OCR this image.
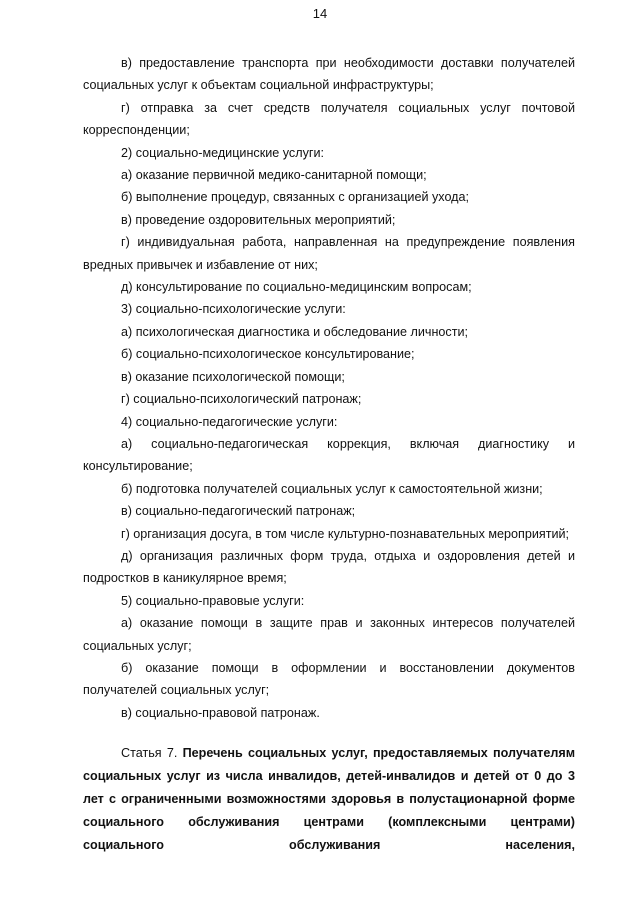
14

в) предоставление транспорта при необходимости доставки получателей социальных услуг к объектам социальной инфраструктуры;

г) отправка за счет средств получателя социальных услуг почтовой корреспонденции;

2) социально-медицинские услуги:

а) оказание первичной медико-санитарной помощи;

б) выполнение процедур, связанных с организацией ухода;

в) проведение оздоровительных мероприятий;

г) индивидуальная работа, направленная на предупреждение появления вредных привычек и избавление от них;

д) консультирование по социально-медицинским вопросам;

3) социально-психологические услуги:

а) психологическая диагностика и обследование личности;

б) социально-психологическое консультирование;

в) оказание психологической помощи;

г) социально-психологический патронаж;

4) социально-педагогические услуги:

а) социально-педагогическая коррекция, включая диагностику и консультирование;

б) подготовка получателей социальных услуг к самостоятельной жизни;

в) социально-педагогический патронаж;

г) организация досуга, в том числе культурно-познавательных мероприятий;

д) организация различных форм труда, отдыха и оздоровления детей и подростков в каникулярное время;

5) социально-правовые услуги:

а) оказание помощи в защите прав и законных интересов получателей социальных услуг;

б) оказание помощи в оформлении и восстановлении документов получателей социальных услуг;

в) социально-правовой патронаж.

Статья 7. Перечень социальных услуг, предоставляемых получателям социальных услуг из числа инвалидов, детей-инвалидов и детей от 0 до 3 лет с ограниченными возможностями здоровья в полустационарной форме социального обслуживания центрами (комплексными центрами) социального обслуживания населения,
